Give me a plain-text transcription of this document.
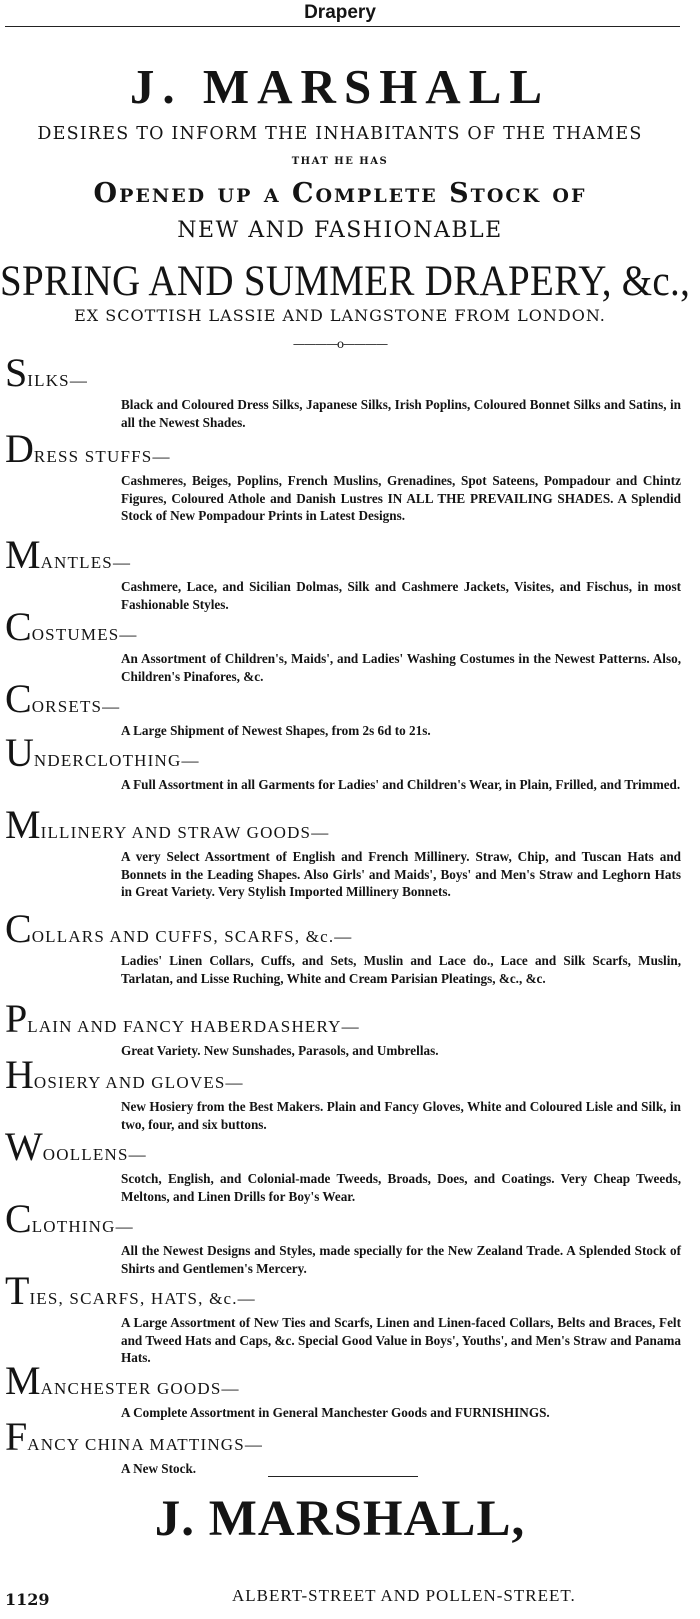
Drapery
J. MARSHALL
DESIRES TO INFORM THE INHABITANTS OF THE THAMES
THAT HE HAS
Opened up a Complete Stock of
NEW AND FASHIONABLE
SPRING AND SUMMER DRAPERY, &c.,
EX SCOTTISH LASSIE AND LANGSTONE FROM LONDON.
————o————
SILKS—
Black and Coloured Dress Silks, Japanese Silks, Irish Poplins, Coloured Bonnet Silks and Satins, in all the Newest Shades.
DRESS STUFFS—
Cashmeres, Beiges, Poplins, French Muslins, Grenadines, Spot Sateens, Pompadour and Chintz Figures, Coloured Athole and Danish Lustres IN ALL THE PREVAILING SHADES. A Splendid Stock of New Pompadour Prints in Latest Designs.
MANTLES—
Cashmere, Lace, and Sicilian Dolmas, Silk and Cashmere Jackets, Visites, and Fischus, in most Fashionable Styles.
COSTUMES—
An Assortment of Children's, Maids', and Ladies' Washing Costumes in the Newest Patterns. Also, Children's Pinafores, &c.
CORSETS—
A Large Shipment of Newest Shapes, from 2s 6d to 21s.
UNDERCLOTHING—
A Full Assortment in all Garments for Ladies' and Children's Wear, in Plain, Frilled, and Trimmed.
MILLINERY AND STRAW GOODS—
A very Select Assortment of English and French Millinery. Straw, Chip, and Tuscan Hats and Bonnets in the Leading Shapes. Also Girls' and Maids', Boys' and Men's Straw and Leghorn Hats in Great Variety. Very Stylish Imported Millinery Bonnets.
COLLARS AND CUFFS, SCARFS, &c.—
Ladies' Linen Collars, Cuffs, and Sets, Muslin and Lace do., Lace and Silk Scarfs, Muslin, Tarlatan, and Lisse Ruching, White and Cream Parisian Pleatings, &c., &c.
PLAIN AND FANCY HABERDASHERY—
Great Variety. New Sunshades, Parasols, and Umbrellas.
HOSIERY AND GLOVES—
New Hosiery from the Best Makers. Plain and Fancy Gloves, White and Coloured Lisle and Silk, in two, four, and six buttons.
WOOLLENS—
Scotch, English, and Colonial-made Tweeds, Broads, Does, and Coatings. Very Cheap Tweeds, Meltons, and Linen Drills for Boy's Wear.
CLOTHING—
All the Newest Designs and Styles, made specially for the New Zealand Trade. A Splended Stock of Shirts and Gentlemen's Mercery.
TIES, SCARFS, HATS, &c.—
A Large Assortment of New Ties and Scarfs, Linen and Linen-faced Collars, Belts and Braces, Felt and Tweed Hats and Caps, &c. Special Good Value in Boys', Youths', and Men's Straw and Panama Hats.
MANCHESTER GOODS—
A Complete Assortment in General Manchester Goods and FURNISHINGS.
FANCY CHINA MATTINGS—
A New Stock.
J. MARSHALL,
1129	ALBERT-STREET AND POLLEN-STREET.
